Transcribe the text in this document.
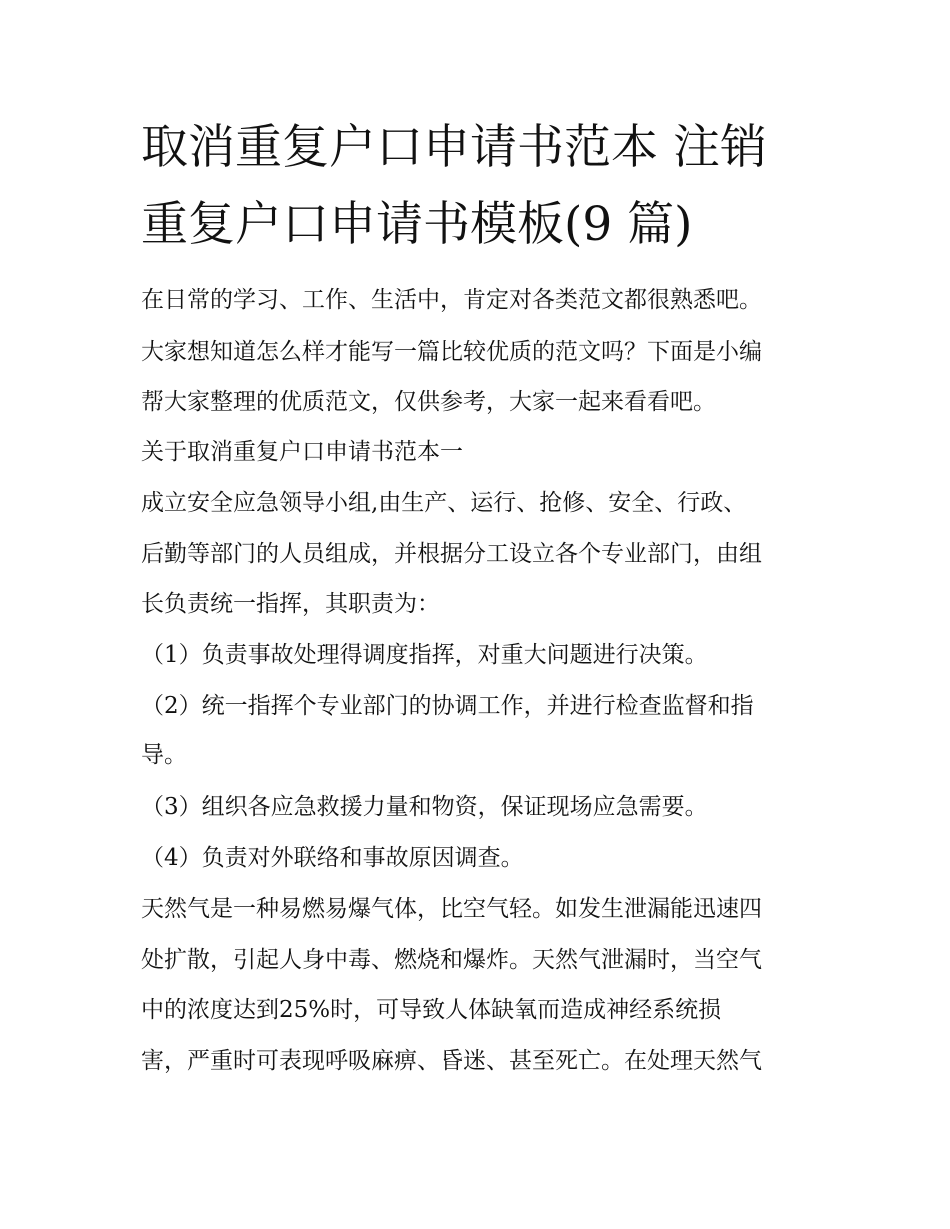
取消重复户口申请书范本 注销
重复户口申请书模板(9 篇)
在日常的学习、工作、生活中，肯定对各类范文都很熟悉吧。
大家想知道怎么样才能写一篇比较优质的范文吗？下面是小编
帮大家整理的优质范文，仅供参考，大家一起来看看吧。
关于取消重复户口申请书范本一
成立安全应急领导小组,由生产、运行、抢修、安全、行政、
后勤等部门的人员组成，并根据分工设立各个专业部门，由组
长负责统一指挥，其职责为：
（1）负责事故处理得调度指挥，对重大问题进行决策。
（2）统一指挥个专业部门的协调工作，并进行检查监督和指
导。
（3）组织各应急救援力量和物资，保证现场应急需要。
（4）负责对外联络和事故原因调查。
天然气是一种易燃易爆气体，比空气轻。如发生泄漏能迅速四
处扩散，引起人身中毒、燃烧和爆炸。天然气泄漏时，当空气
中的浓度达到25%时，可导致人体缺氧而造成神经系统损
害，严重时可表现呼吸麻痹、昏迷、甚至死亡。在处理天然气
